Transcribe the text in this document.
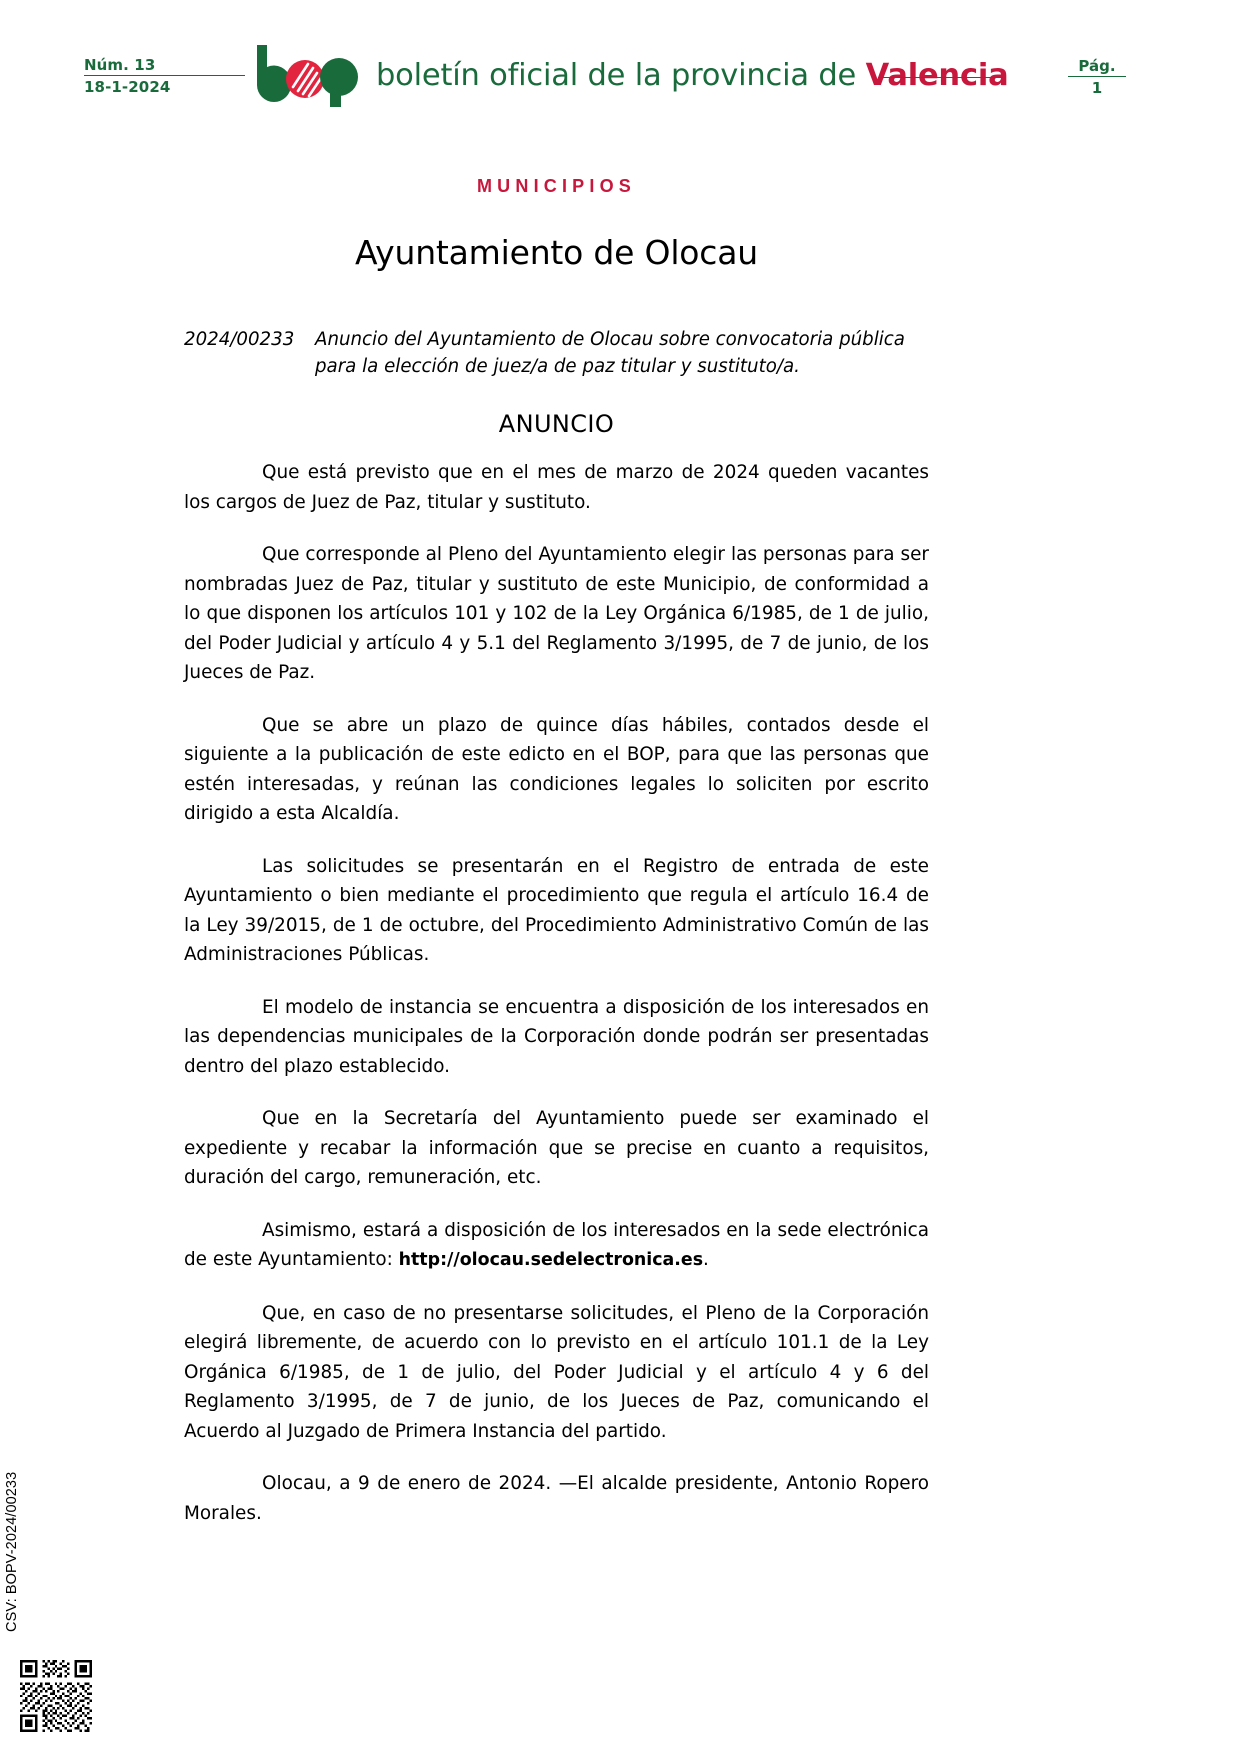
Núm. 13
18-1-2024	boletín oficial de la provincia de Valencia	Pág.
1
MUNICIPIOS
Ayuntamiento de Olocau
2024/00233	Anuncio del Ayuntamiento de Olocau sobre convocatoria pública para la elección de juez/a de paz titular y sustituto/a.
ANUNCIO

Que está previsto que en el mes de marzo de 2024 queden vacantes los cargos de Juez de Paz, titular y sustituto.

Que corresponde al Pleno del Ayuntamiento elegir las personas para ser nombradas Juez de Paz, titular y sustituto de este Municipio, de conformidad a lo que disponen los artículos 101 y 102 de la Ley Orgánica 6/1985, de 1 de julio, del Poder Judicial y artículo 4 y 5.1 del Reglamento 3/1995, de 7 de junio, de los Jueces de Paz.

Que se abre un plazo de quince días hábiles, contados desde el siguiente a la publicación de este edicto en el BOP, para que las personas que estén interesadas, y reúnan las condiciones legales lo soliciten por escrito dirigido a esta Alcaldía.

Las solicitudes se presentarán en el Registro de entrada de este Ayuntamiento o bien mediante el procedimiento que regula el artículo 16.4 de la Ley 39/2015, de 1 de octubre, del Procedimiento Administrativo Común de las Administraciones Públicas.

El modelo de instancia se encuentra a disposición de los interesados en las dependencias municipales de la Corporación donde podrán ser presentadas dentro del plazo establecido.

Que en la Secretaría del Ayuntamiento puede ser examinado el expediente y recabar la información que se precise en cuanto a requisitos, duración del cargo, remuneración, etc.

Asimismo, estará a disposición de los interesados en la sede electrónica de este Ayuntamiento: http://olocau.sedelectronica.es.

Que, en caso de no presentarse solicitudes, el Pleno de la Corporación elegirá libremente, de acuerdo con lo previsto en el artículo 101.1 de la Ley Orgánica 6/1985, de 1 de julio, del Poder Judicial y el artículo 4 y 6 del Reglamento 3/1995, de 7 de junio, de los Jueces de Paz, comunicando el Acuerdo al Juzgado de Primera Instancia del partido.

Olocau, a 9 de enero de 2024. —El alcalde presidente, Antonio Ropero Morales.

CSV: BOPV-2024/00233
